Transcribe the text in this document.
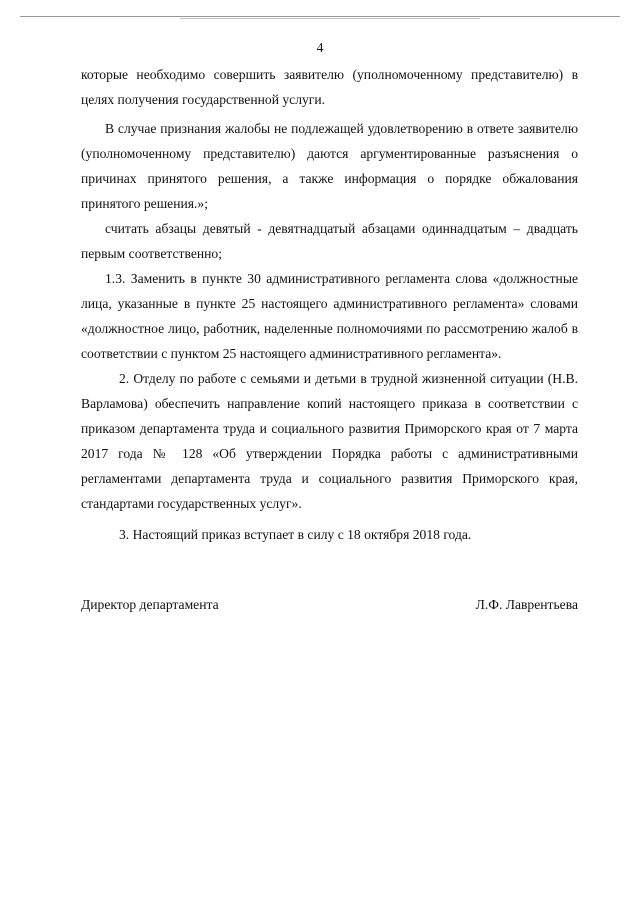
4

которые необходимо совершить заявителю (уполномоченному представителю) в целях получения государственной услуги.

В случае признания жалобы не подлежащей удовлетворению в ответе заявителю (уполномоченному представителю) даются аргументированные разъяснения о причинах принятого решения, а также информация о порядке обжалования принятого решения.»;

считать абзацы девятый - девятнадцатый абзацами одиннадцатым – двадцать первым соответственно;

1.3. Заменить в пункте 30 административного регламента слова «должностные лица, указанные в пункте 25 настоящего административного регламента» словами «должностное лицо, работник, наделенные полномочиями по рассмотрению жалоб в соответствии с пунктом 25 настоящего административного регламента».

2. Отделу по работе с семьями и детьми в трудной жизненной ситуации (Н.В. Варламова) обеспечить направление копий настоящего приказа в соответствии с приказом департамента труда и социального развития Приморского края от 7 марта 2017 года № 128 «Об утверждении Порядка работы с административными регламентами департамента труда и социального развития Приморского края, стандартами государственных услуг».

3. Настоящий приказ вступает в силу с 18 октября 2018 года.

Директор департамента	Л.Ф. Лаврентьева
